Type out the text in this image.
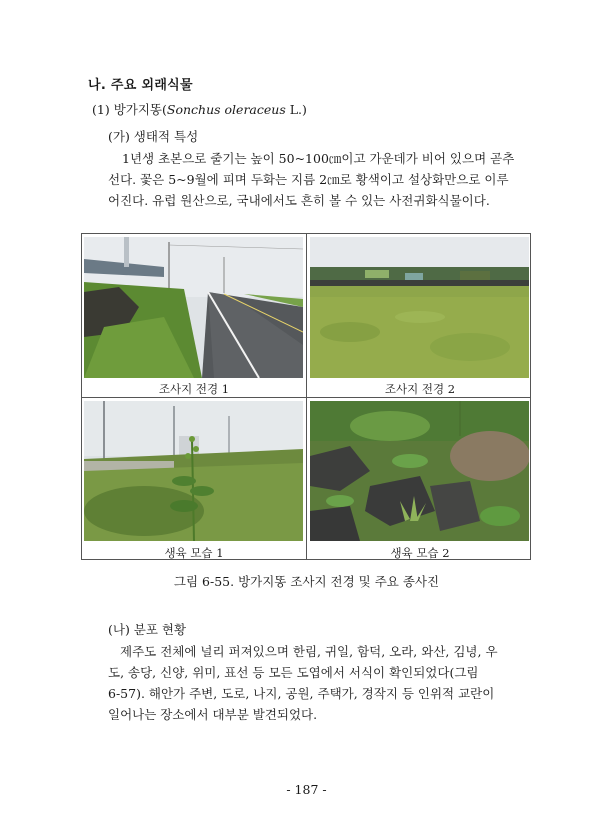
나. 주요 외래식물
(1) 방가지똥(Sonchus oleraceus L.)
(가) 생태적 특성
1년생 초본으로 줄기는 높이 50~100㎝이고 가운데가 비어 있으며 곧추
선다. 꽃은 5~9월에 피며 두화는 지름 2㎝로 황색이고 설상화만으로 이루
어진다. 유럽 원산으로, 국내에서도 흔히 볼 수 있는 사전귀화식물이다.
조사지 전경 1	조사지 전경 2
생육 모습 1	생육 모습 2
그림 6-55. 방가지똥 조사지 전경 및 주요 종사진
(나) 분포 현황
제주도 전체에 널리 퍼져있으며 한림, 귀일, 함덕, 오라, 와산, 김녕, 우
도, 송당, 신양, 위미, 표선 등 모든 도엽에서 서식이 확인되었다(그림
6-57). 해안가 주변, 도로, 나지, 공원, 주택가, 경작지 등 인위적 교란이
일어나는 장소에서 대부분 발견되었다.
- 187 -
